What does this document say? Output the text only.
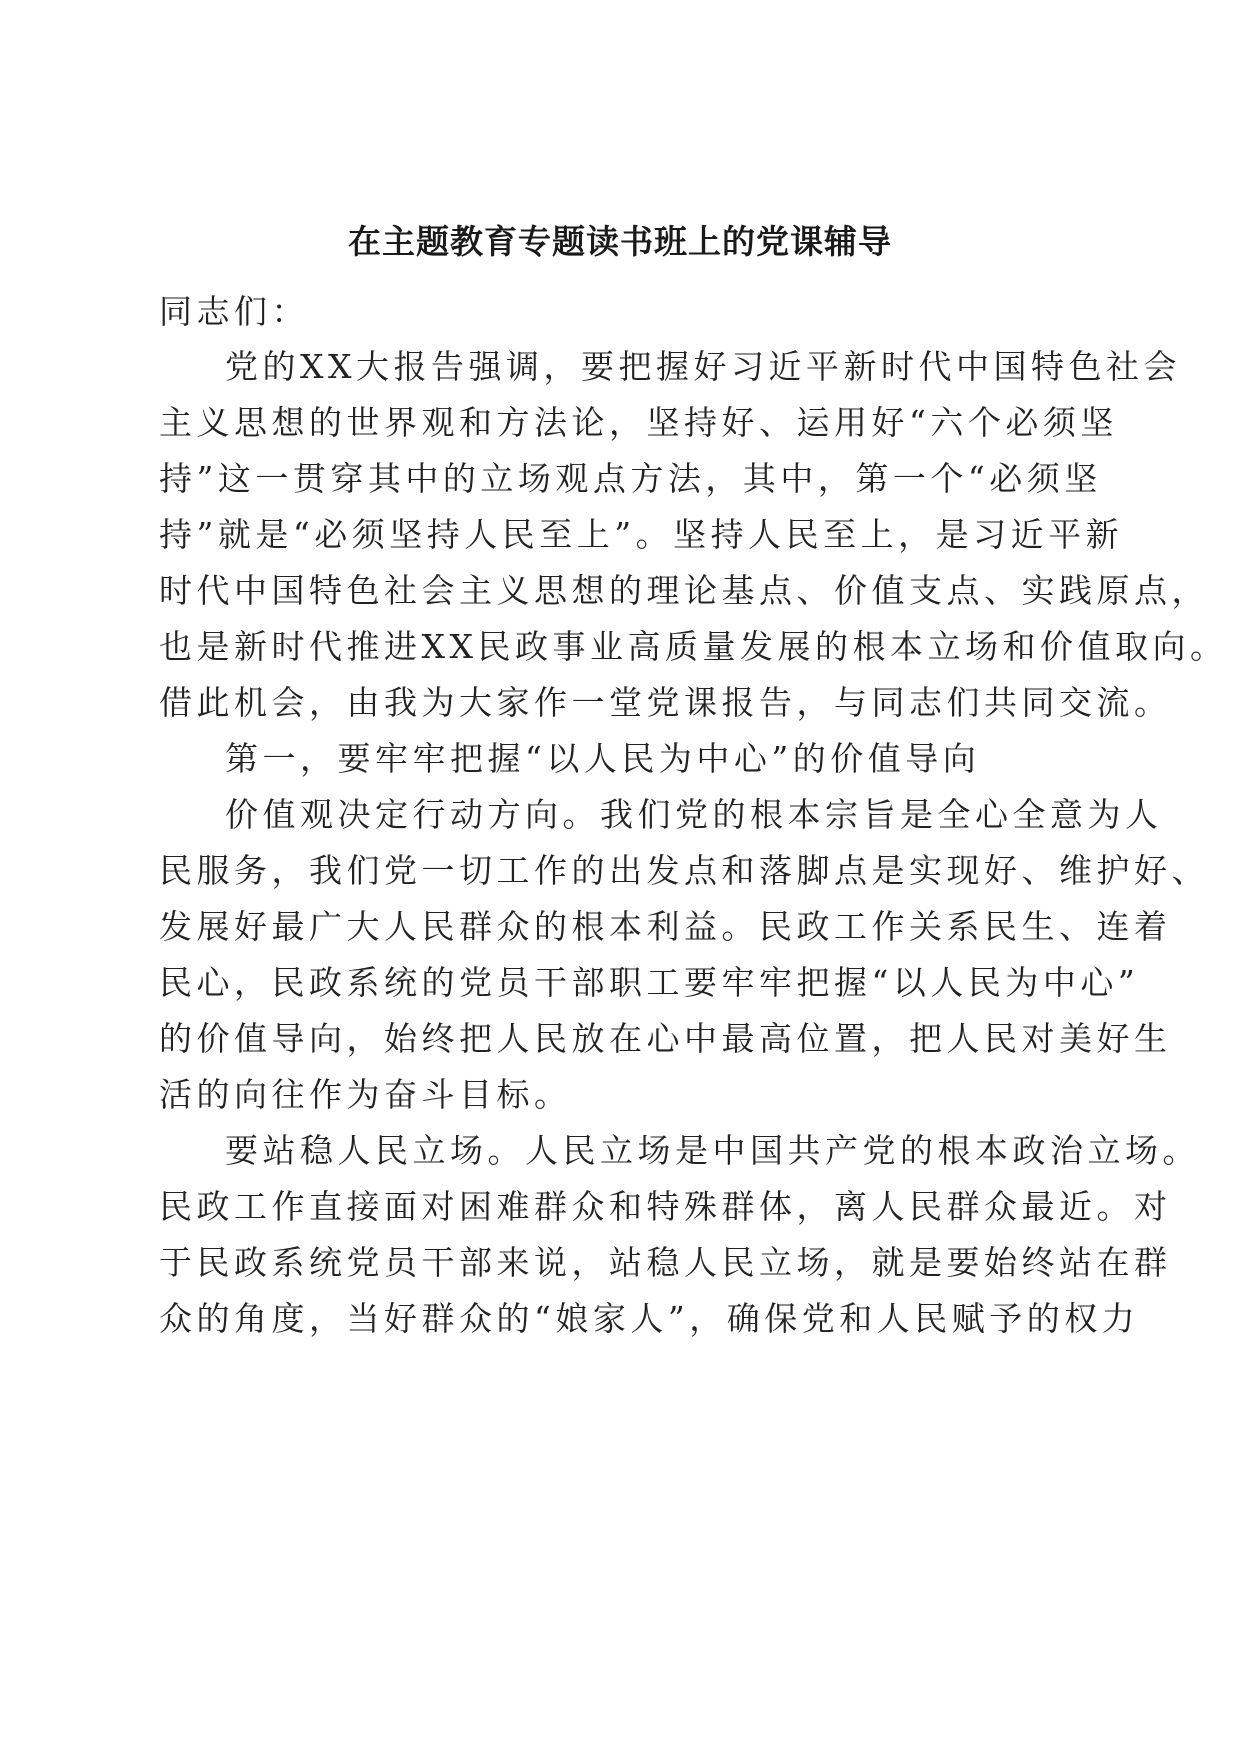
在主题教育专题读书班上的党课辅导
同志们：
党的XX大报告强调，要把握好习近平新时代中国特色社会
主义思想的世界观和方法论，坚持好、运用好“六个必须坚
持”这一贯穿其中的立场观点方法，其中，第一个“必须坚
持”就是“必须坚持人民至上”。坚持人民至上，是习近平新
时代中国特色社会主义思想的理论基点、价值支点、实践原点，
也是新时代推进XX民政事业高质量发展的根本立场和价值取向。
借此机会，由我为大家作一堂党课报告，与同志们共同交流。
第一，要牢牢把握“以人民为中心”的价值导向
价值观决定行动方向。我们党的根本宗旨是全心全意为人
民服务，我们党一切工作的出发点和落脚点是实现好、维护好、
发展好最广大人民群众的根本利益。民政工作关系民生、连着
民心，民政系统的党员干部职工要牢牢把握“以人民为中心”
的价值导向，始终把人民放在心中最高位置，把人民对美好生
活的向往作为奋斗目标。
要站稳人民立场。人民立场是中国共产党的根本政治立场。
民政工作直接面对困难群众和特殊群体，离人民群众最近。对
于民政系统党员干部来说，站稳人民立场，就是要始终站在群
众的角度，当好群众的“娘家人”，确保党和人民赋予的权力
